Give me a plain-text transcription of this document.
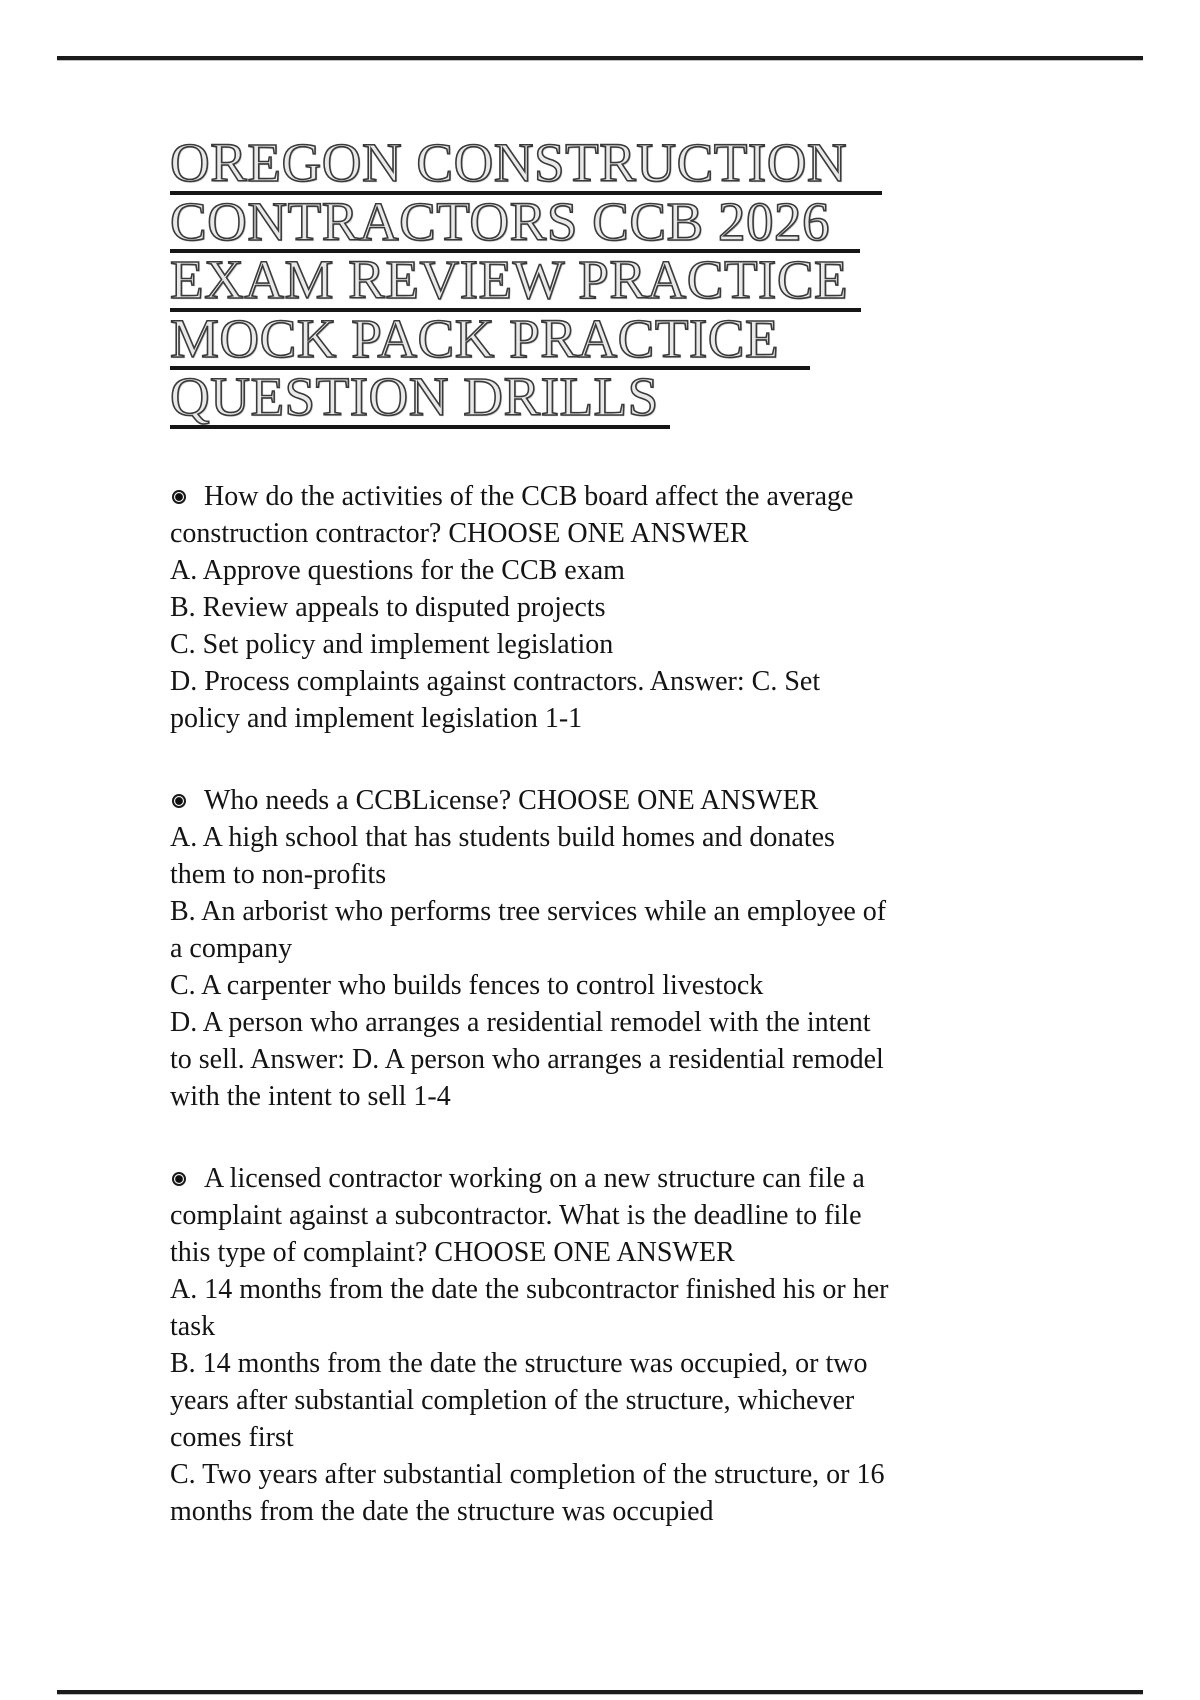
OREGON CONSTRUCTION
CONTRACTORS CCB 2026
EXAM REVIEW PRACTICE
MOCK PACK PRACTICE
QUESTION DRILLS
How do the activities of the CCB board affect the average
construction contractor? CHOOSE ONE ANSWER
A. Approve questions for the CCB exam
B. Review appeals to disputed projects
C. Set policy and implement legislation
D. Process complaints against contractors. Answer: C. Set
policy and implement legislation 1-1
Who needs a CCBLicense? CHOOSE ONE ANSWER
A. A high school that has students build homes and donates
them to non-profits
B. An arborist who performs tree services while an employee of
a company
C. A carpenter who builds fences to control livestock
D. A person who arranges a residential remodel with the intent
to sell. Answer: D. A person who arranges a residential remodel
with the intent to sell 1-4
A licensed contractor working on a new structure can file a
complaint against a subcontractor. What is the deadline to file
this type of complaint? CHOOSE ONE ANSWER
A. 14 months from the date the subcontractor finished his or her
task
B. 14 months from the date the structure was occupied, or two
years after substantial completion of the structure, whichever
comes first
C. Two years after substantial completion of the structure, or 16
months from the date the structure was occupied
